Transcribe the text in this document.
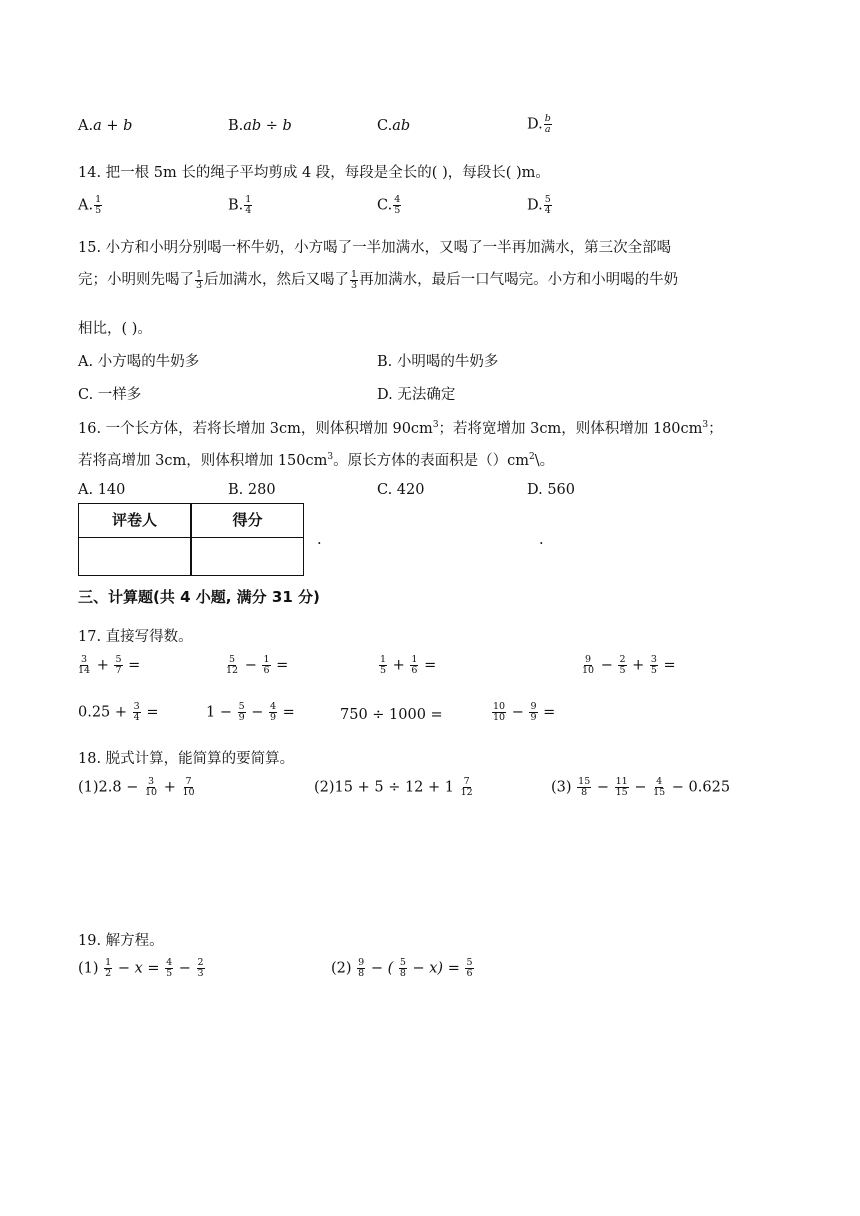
A.a + b	B.ab ÷ b	C.ab	D. $\frac{b}{a}$
14. 把一根 5m 长的绳子平均剪成 4 段，每段是全长的( )，每段长( )m。
A. $\frac{1}{5}$	B. $\frac{1}{4}$	C. $\frac{4}{5}$	D. $\frac{5}{4}$
15. 小方和小明分别喝一杯牛奶，小方喝了一半加满水，又喝了一半再加满水，第三次全部喝
完；小明则先喝了 $\frac{1}{3}$ 后加满水，然后又喝了 $\frac{1}{3}$ 再加满水，最后一口气喝完。小方和小明喝的牛奶
相比，( )。
A. 小方喝的牛奶多	B. 小明喝的牛奶多
C. 一样多	D. 无法确定
16. 一个长方体，若将长增加 3cm，则体积增加 $90cm^3$；若将宽增加 3cm，则体积增加 $180cm^3$；
若将高增加 3cm，则体积增加 $150cm^3$。原长方体的表面积是$()cm^2\backslash$。
A. 140	B. 280	C. 420	D. 560
评卷人	得分
.	.
三、计算题(共 4 小题, 满分 31 分)
17. 直接写得数。
$\frac{3}{14} + \frac{5}{7}$ =	$\frac{5}{12} - \frac{1}{6}$ =	$\frac{1}{5} + \frac{1}{6}$ =	$\frac{9}{10} - \frac{2}{5} + \frac{3}{5}$ =
$0.25 + \frac{3}{4}$ =	$1 - \frac{5}{9} - \frac{4}{9}$ =	750 ÷ 1000 =	$\frac{10}{10} - \frac{9}{9}$ =
18. 脱式计算，能简算的要简算。
$(1)2.8 - \frac{3}{10} + \frac{7}{10}$	$(2)15 + 5 \div 12 + 1 \frac{7}{12}$	$(3) \frac{15}{8} - \frac{11}{15} - \frac{4}{15} - 0.625$
19. 解方程。
$(1) \frac{1}{2} - x = \frac{4}{5} - \frac{2}{3}$	$(2) \frac{9}{8}$ − ( $\frac{5}{8} - x) = \frac{5}{6}$
